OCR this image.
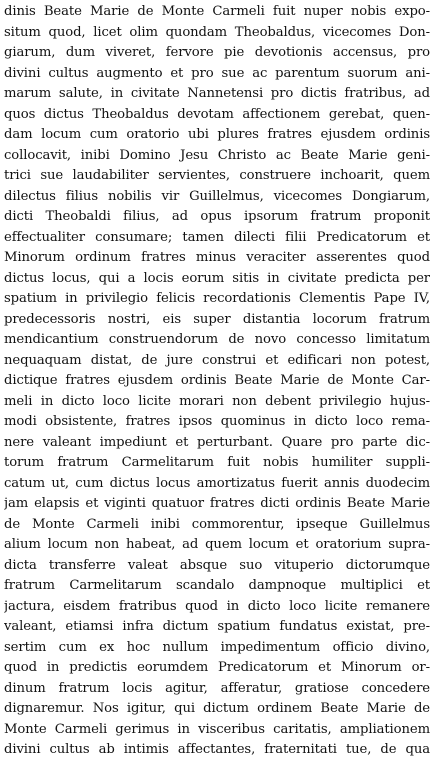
dinis Beate Marie de Monte Carmeli fuit nuper nobis expo-
situm quod, licet olim quondam Theobaldus, vicecomes Don-
giarum, dum viveret, fervore pie devotionis accensus, pro
divini cultus augmento et pro sue ac parentum suorum ani-
marum salute, in civitate Nannetensi pro dictis fratribus, ad
quos dictus Theobaldus devotam affectionem gerebat, quen-
dam locum cum oratorio ubi plures fratres ejusdem ordinis
collocavit, inibi Domino Jesu Christo ac Beate Marie geni-
trici sue laudabiliter servientes, construere inchoarit, quem
dilectus filius nobilis vir Guillelmus, vicecomes Dongiarum,
dicti Theobaldi filius, ad opus ipsorum fratrum proponit
effectualiter consumare; tamen dilecti filii Predicatorum et
Minorum ordinum fratres minus veraciter asserentes quod
dictus locus, qui a locis eorum sitis in civitate predicta per
spatium in privilegio felicis recordationis Clementis Pape IV,
predecessoris nostri, eis super distantia locorum fratrum
mendicantium construendorum de novo concesso limitatum
nequaquam distat, de jure construi et edificari non potest,
dictique fratres ejusdem ordinis Beate Marie de Monte Car-
meli in dicto loco licite morari non debent privilegio hujus-
modi obsistente, fratres ipsos quominus in dicto loco rema-
nere valeant impediunt et perturbant. Quare pro parte dic-
torum fratrum Carmelitarum fuit nobis humiliter suppli-
catum ut, cum dictus locus amortizatus fuerit annis duodecim
jam elapsis et viginti quatuor fratres dicti ordinis Beate Marie
de Monte Carmeli inibi commorentur, ipseque Guillelmus
alium locum non habeat, ad quem locum et oratorium supra-
dicta transferre valeat absque suo vituperio dictorumque
fratrum Carmelitarum scandalo dampnoque multiplici et
jactura, eisdem fratribus quod in dicto loco licite remanere
valeant, etiamsi infra dictum spatium fundatus existat, pre-
sertim cum ex hoc nullum impedimentum officio divino,
quod in predictis eorumdem Predicatorum et Minorum or-
dinum fratrum locis agitur, afferatur, gratiose concedere
dignaremur. Nos igitur, qui dictum ordinem Beate Marie de
Monte Carmeli gerimus in visceribus caritatis, ampliationem
divini cultus ab intimis affectantes, fraternitati tue, de qua
